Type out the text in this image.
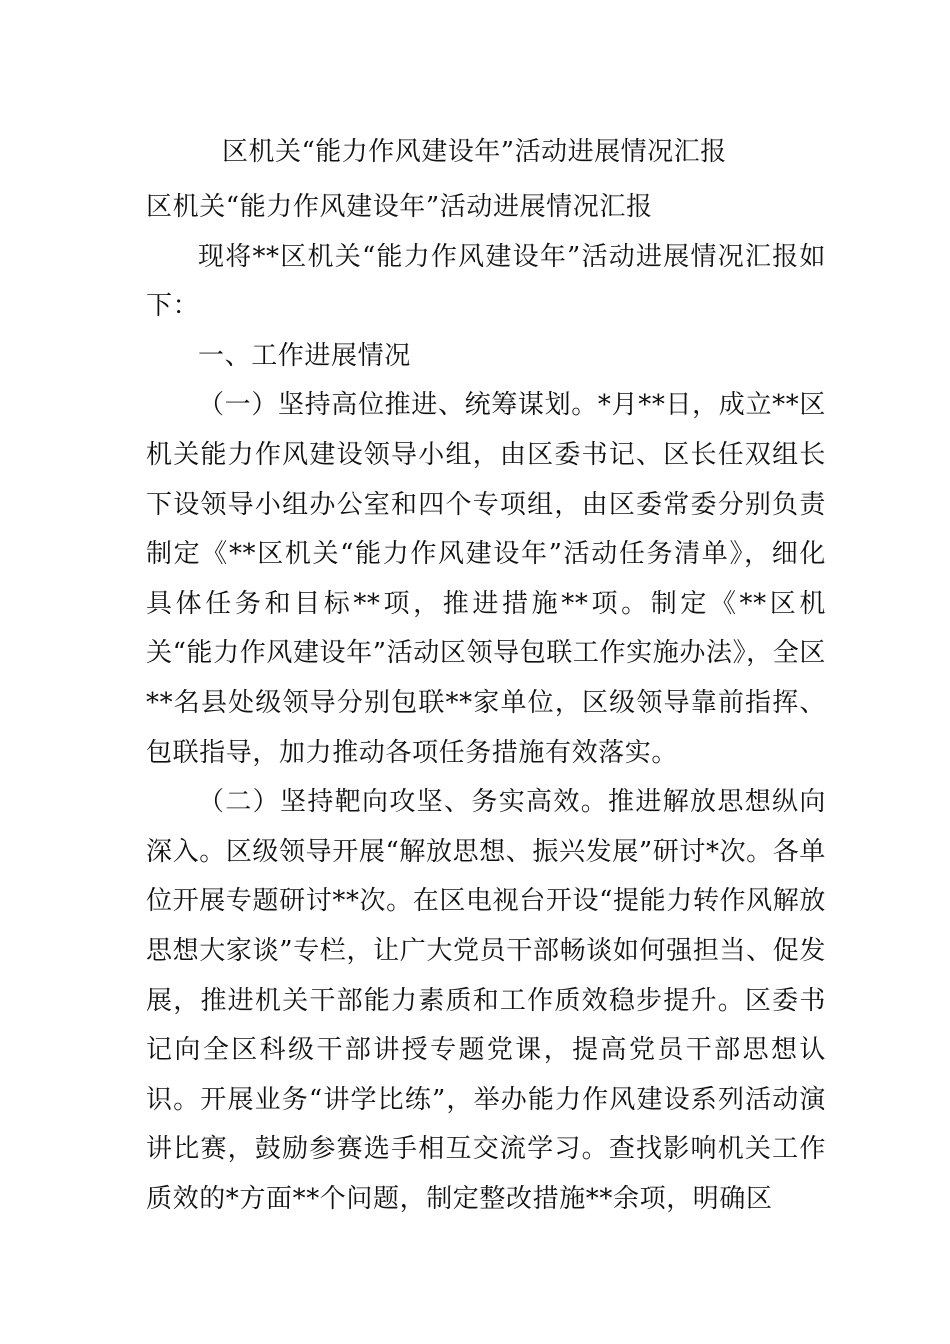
区机关“能力作风建设年”活动进展情况汇报

区机关“能力作风建设年”活动进展情况汇报

现将**区机关“能力作风建设年”活动进展情况汇报如下：

一、工作进展情况

（一）坚持高位推进、统筹谋划。*月**日，成立**区机关能力作风建设领导小组，由区委书记、区长任双组长下设领导小组办公室和四个专项组，由区委常委分别负责制定《**区机关“能力作风建设年”活动任务清单》，细化具体任务和目标**项，推进措施**项。制定《**区机关“能力作风建设年”活动区领导包联工作实施办法》，全区**名县处级领导分别包联**家单位，区级领导靠前指挥、包联指导，加力推动各项任务措施有效落实。

（二）坚持靶向攻坚、务实高效。推进解放思想纵向深入。区级领导开展“解放思想、振兴发展”研讨*次。各单位开展专题研讨**次。在区电视台开设“提能力转作风解放思想大家谈”专栏，让广大党员干部畅谈如何强担当、促发展，推进机关干部能力素质和工作质效稳步提升。区委书记向全区科级干部讲授专题党课，提高党员干部思想认识。开展业务“讲学比练”，举办能力作风建设系列活动演讲比赛，鼓励参赛选手相互交流学习。查找影响机关工作质效的*方面**个问题，制定整改措施**余项，明确区
